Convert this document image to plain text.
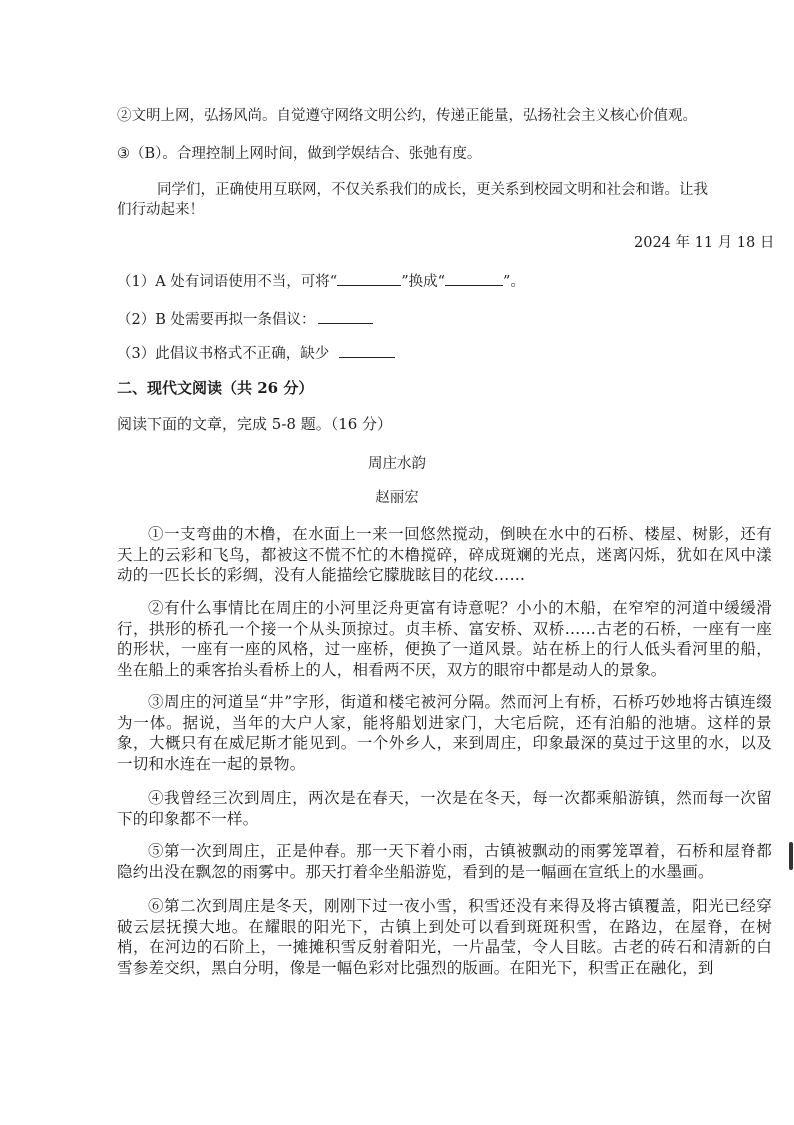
②文明上网，弘扬风尚。自觉遵守网络文明公约，传递正能量，弘扬社会主义核心价值观。
③（B）。合理控制上网时间，做到学娱结合、张弛有度。
同学们，正确使用互联网，不仅关系我们的成长，更关系到校园文明和社会和谐。让我
们行动起来！
2024 年 11 月 18 日
（1）A 处有词语使用不当，可将“	”换成“	”。
（2）B 处需要再拟一条倡议：
（3）此倡议书格式不正确，缺少
二、现代文阅读（共 26 分）
阅读下面的文章，完成 5-8 题。（16 分）
周庄水韵
赵丽宏
①一支弯曲的木橹，在水面上一来一回悠然搅动，倒映在水中的石桥、楼屋、树影，还有天上的云彩和飞鸟，都被这不慌不忙的木橹搅碎，碎成斑斓的光点，迷离闪烁，犹如在风中漾动的一匹长长的彩绸，没有人能描绘它朦胧眩目的花纹……
②有什么事情比在周庄的小河里泛舟更富有诗意呢？小小的木船，在窄窄的河道中缓缓滑行，拱形的桥孔一个接一个从头顶掠过。贞丰桥、富安桥、双桥……古老的石桥，一座有一座的形状，一座有一座的风格，过一座桥，便换了一道风景。站在桥上的行人低头看河里的船，坐在船上的乘客抬头看桥上的人，相看两不厌，双方的眼帘中都是动人的景象。
③周庄的河道呈“井”字形，街道和楼宅被河分隔。然而河上有桥，石桥巧妙地将古镇连缀为一体。据说，当年的大户人家，能将船划进家门，大宅后院，还有泊船的池塘。这样的景象，大概只有在威尼斯才能见到。一个外乡人，来到周庄，印象最深的莫过于这里的水，以及一切和水连在一起的景物。
④我曾经三次到周庄，两次是在春天，一次是在冬天，每一次都乘船游镇，然而每一次留下的印象都不一样。
⑤第一次到周庄，正是仲春。那一天下着小雨，古镇被飘动的雨雾笼罩着，石桥和屋脊都隐约出没在飘忽的雨雾中。那天打着伞坐船游览，看到的是一幅画在宣纸上的水墨画。
⑥第二次到周庄是冬天，刚刚下过一夜小雪，积雪还没有来得及将古镇覆盖，阳光已经穿破云层抚摸大地。在耀眼的阳光下，古镇上到处可以看到斑斑积雪，在路边，在屋脊，在树梢，在河边的石阶上，一摊摊积雪反射着阳光，一片晶莹，令人目眩。古老的砖石和清新的白雪参差交织，黑白分明，像是一幅色彩对比强烈的版画。在阳光下，积雪正在融化，到
